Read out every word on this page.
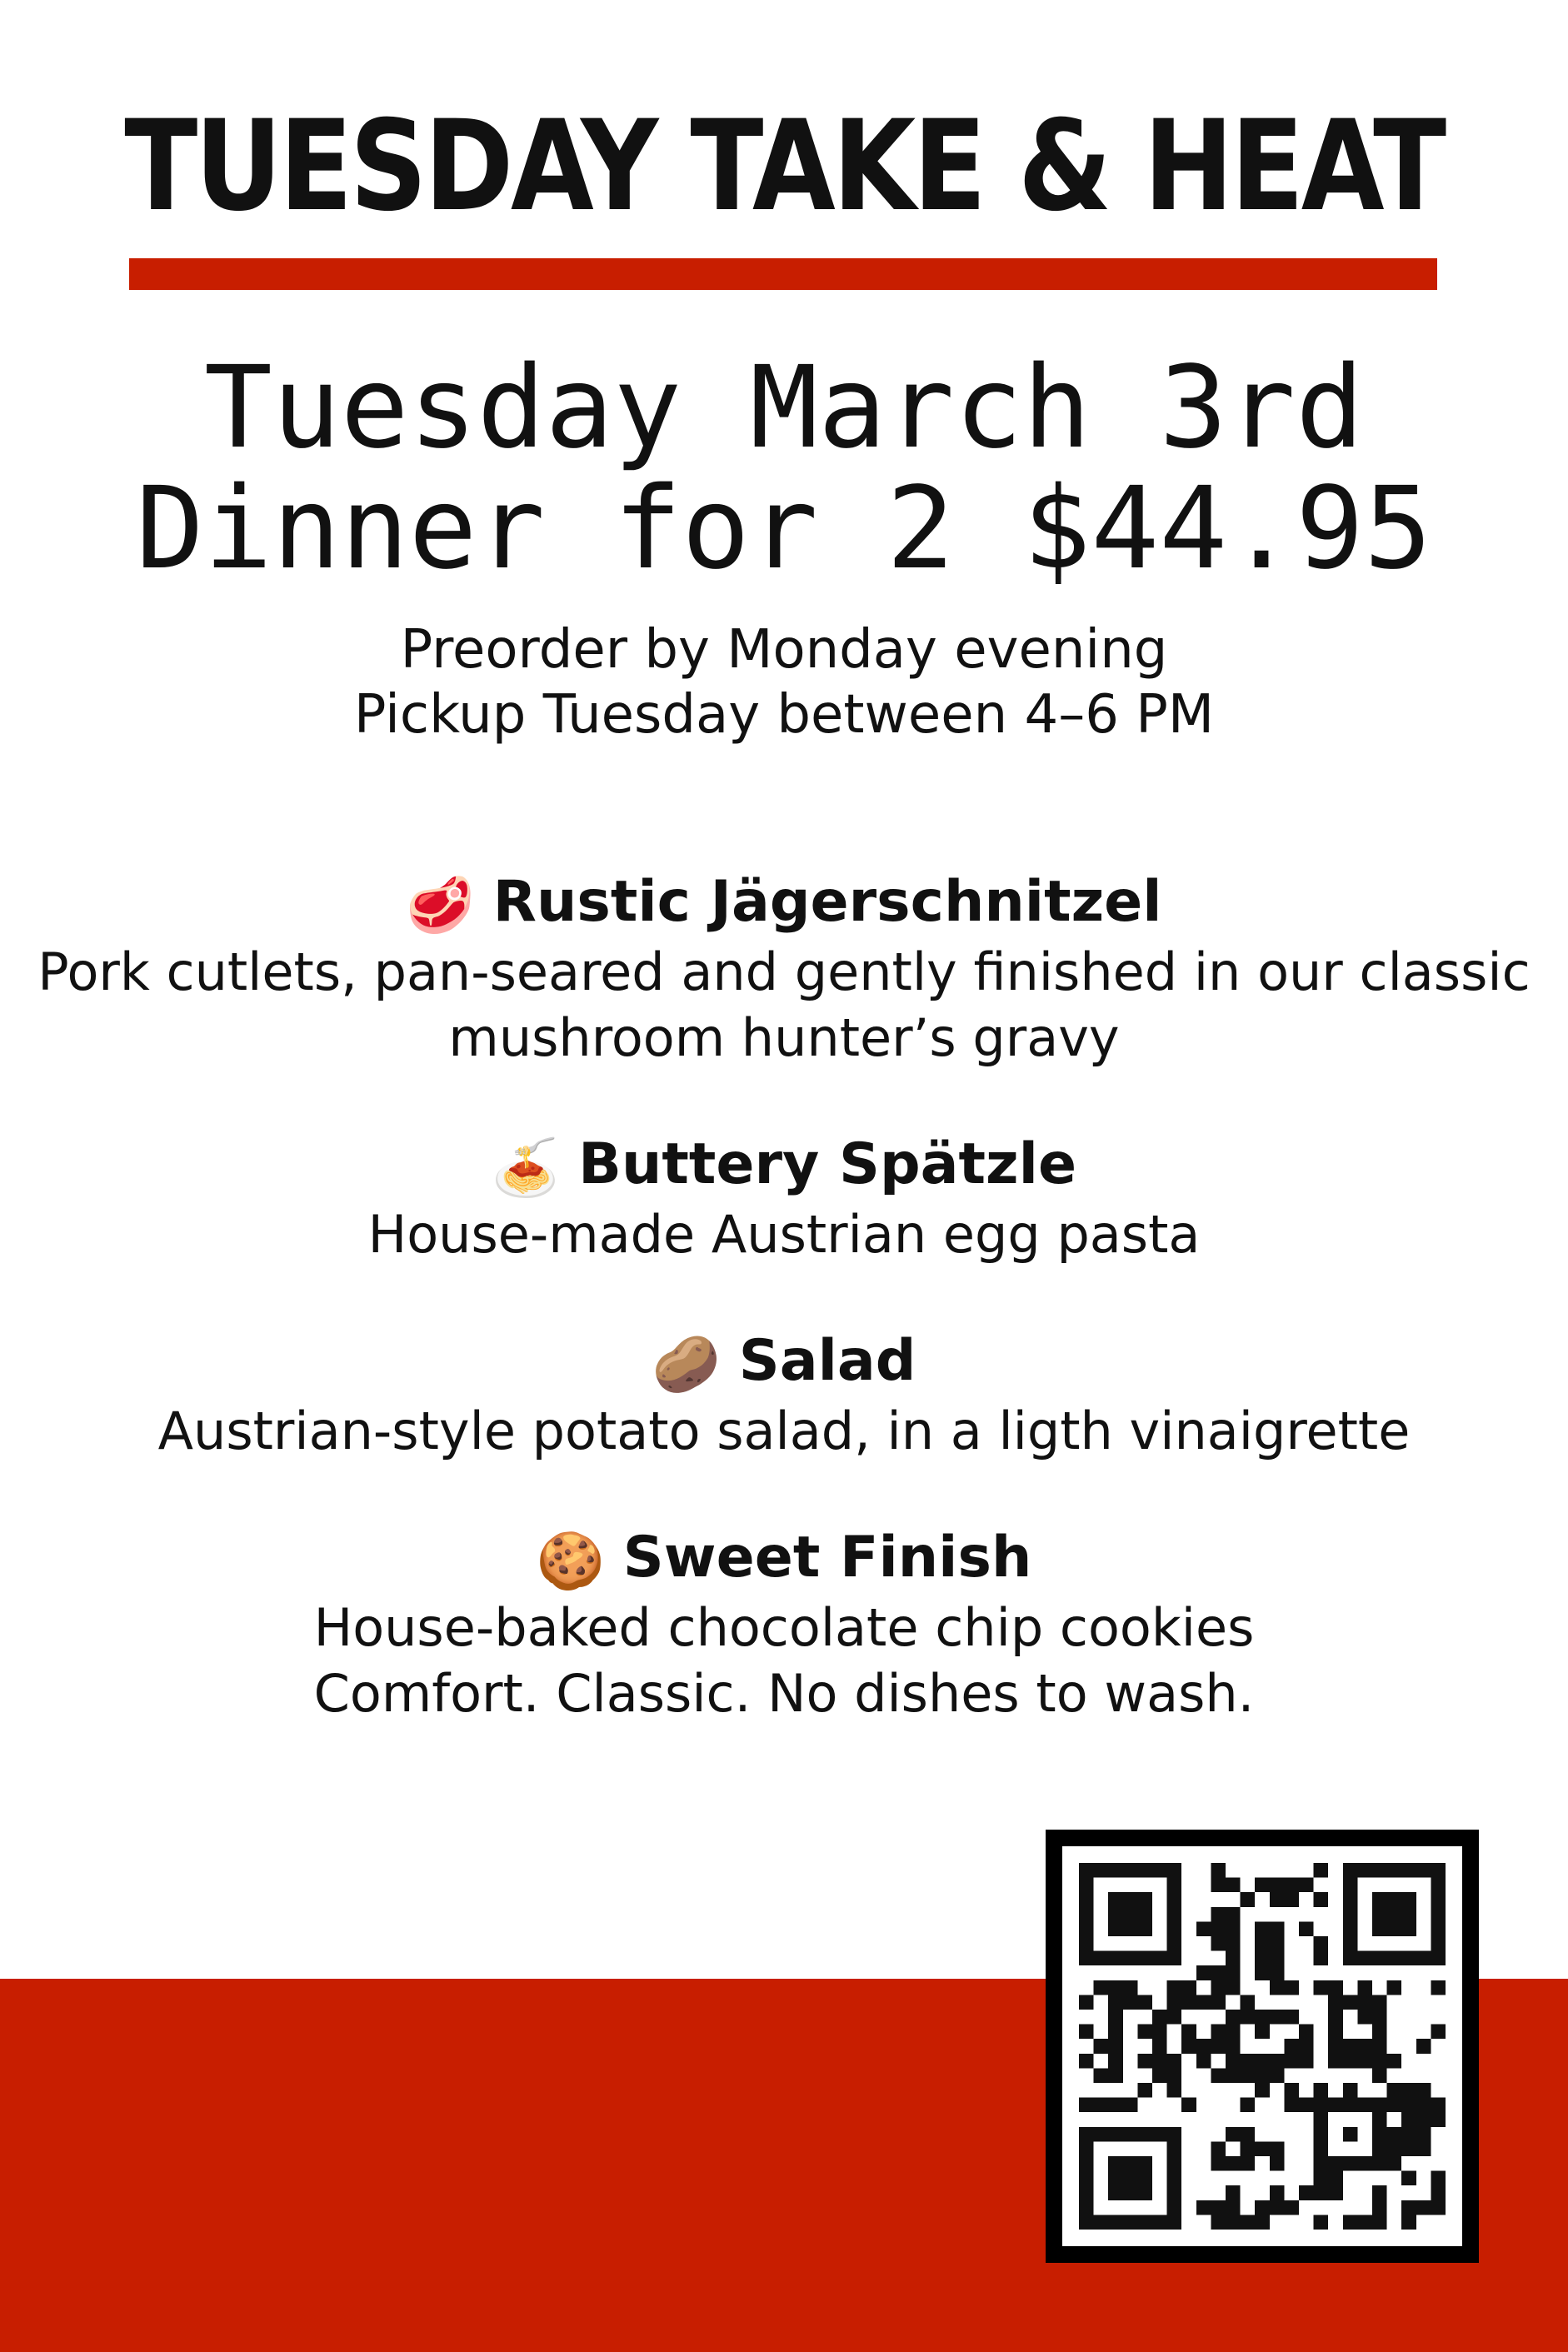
TUESDAY TAKE & HEAT
Tuesday March 3rd
Dinner for 2 $44.95
Preorder by Monday evening
Pickup Tuesday between 4–6 PM
🥩 Rustic Jägerschnitzel
Pork cutlets, pan-seared and gently finished in our classic mushroom hunter’s gravy
🍝 Buttery Spätzle
House-made Austrian egg pasta
🥔 Salad
Austrian-style potato salad, in a ligth vinaigrette
🍪 Sweet Finish
House-baked chocolate chip cookies
Comfort. Classic. No dishes to wash.
